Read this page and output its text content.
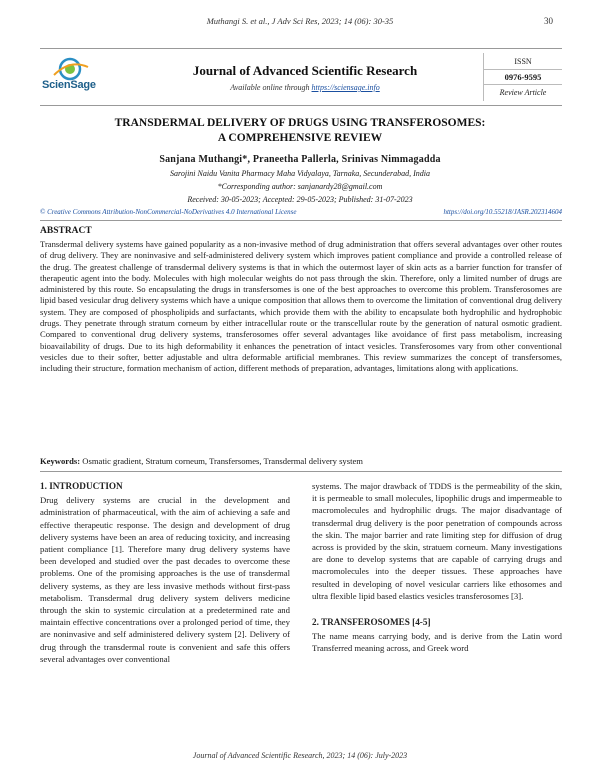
Muthangi S. et al., J Adv Sci Res, 2023; 14 (06): 30-35	30
ScienSage
Journal of Advanced Scientific Research
Available online through https://sciensage.info
ISSN
0976-9595
Review Article
TRANSDERMAL DELIVERY OF DRUGS USING TRANSFEROSOMES:
A COMPREHENSIVE REVIEW
Sanjana Muthangi*, Praneetha Pallerla, Srinivas Nimmagadda
Sarojini Naidu Vanita Pharmacy Maha Vidyalaya, Tarnaka, Secunderabad, India
*Corresponding author: sanjanardy28@gmail.com
Received: 30-05-2023; Accepted: 29-05-2023; Published: 31-07-2023
© Creative Commons Attribution-NonCommercial-NoDerivatives 4.0 International License	https://doi.org/10.55218/JASR.202314604
ABSTRACT
Transdermal delivery systems have gained popularity as a non-invasive method of drug administration that offers several advantages over other routes of drug delivery. They are noninvasive and self-administered delivery system which improves patient compliance and provide a controlled release of the drug. The greatest challenge of transdermal delivery systems is that in which the outermost layer of skin acts as a barrier function for transfer of therapeutic agent into the body. Molecules with high molecular weights do not pass through the skin. Therefore, only a limited number of drugs are administered by this route. So encapsulating the drugs in transfersomes is one of the best approaches to overcome this problem. Transferosomes are lipid based vesicular drug delivery systems which have a unique composition that allows them to overcome the limitation of conventional drug delivery system. They are composed of phospholipids and surfactants, which provide them with the ability to encapsulate both hydrophilic and hydrophobic drugs. They penetrate through stratum corneum by either intracellular route or the transcellular route by the generation of natural osmotic gradient. Compared to conventional drug delivery systems, transferosomes offer several advantages like avoidance of first pass metabolism, increasing bioavailability of drugs. Due to its high deformability it enhances the penetration of intact vesicles. Transferosomes vary from other conventional vesicles due to their softer, better adjustable and ultra deformable artificial membranes. This review summarizes the concept of transfersomes, including their structure, formation mechanism of action, different methods of preparation, advantages, limitations along with applications.
Keywords: Osmatic gradient, Stratum corneum, Transfersomes, Transdermal delivery system
1. INTRODUCTION

Drug delivery systems are crucial in the development and administration of pharmaceutical, with the aim of achieving a safe and effective therapeutic response. The design and development of drug delivery systems have been an area of reducing toxicity, and increasing patient compliance [1]. Therefore many drug delivery systems have been developed and studied over the past decades to overcome these problems. One of the promising approaches is the use of transdermal delivery systems, as they are less invasive methods without first-pass metabolism. Transdermal drug delivery system delivers medicine through the skin to systemic circulation at a predetermined rate and maintain effective concentrations over a prolonged period of time, they are noninvasive and self administered delivery system [2]. Delivery of drug through the transdermal route is convenient and safe this offers several advantages over conventional

systems. The major drawback of TDDS is the permeability of the skin, it is permeable to small molecules, lipophilic drugs and impermeable to macromolecules and hydrophilic drugs. The major disadvantage of transdermal drug delivery is the poor penetration of compounds across the skin. The major barrier and rate limiting step for diffusion of drug across is provided by the skin, stratuem corneum. Many investigations are done to develop systems that are capable of carrying drugs and macromolecules into the deeper tissues. These approaches have resulted in developing of novel vesicular carriers like ethosomes and ultra flexible lipid based elastics vesicles transferosomes [3].

2. TRANSFEROSOMES [4-5]

The name means carrying body, and is derive from the Latin word Transferred meaning across, and Greek word

Journal of Advanced Scientific Research, 2023; 14 (06): July-2023
